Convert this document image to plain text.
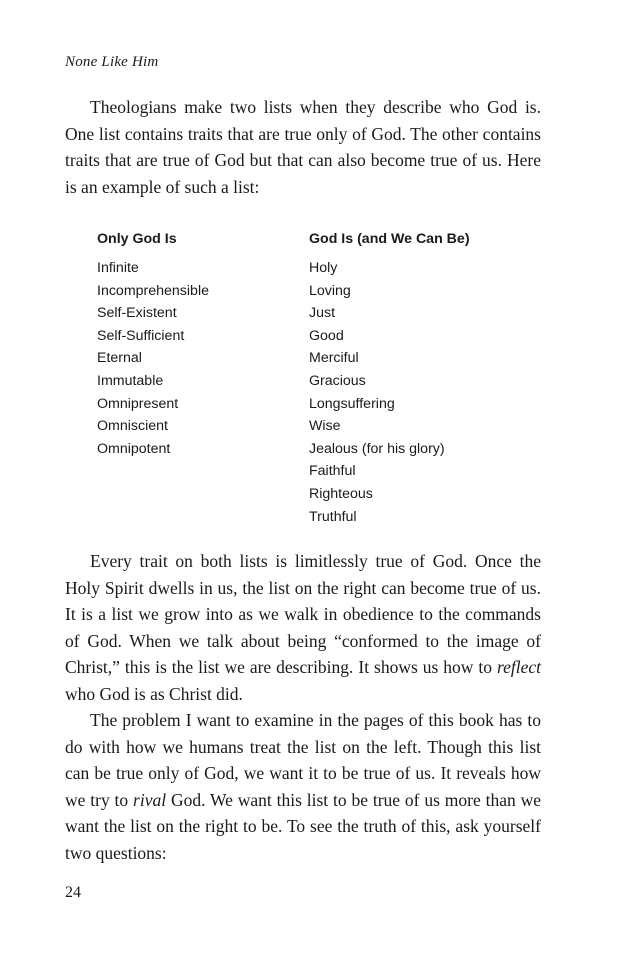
None Like Him

Theologians make two lists when they describe who God is. One list contains traits that are true only of God. The other contains traits that are true of God but that can also become true of us. Here is an example of such a list:

Only God Is
Infinite
Incomprehensible
Self-Existent
Self-Sufficient
Eternal
Immutable
Omnipresent
Omniscient
Omnipotent
God Is (and We Can Be)
Holy
Loving
Just
Good
Merciful
Gracious
Longsuffering
Wise
Jealous (for his glory)
Faithful
Righteous
Truthful

Every trait on both lists is limitlessly true of God. Once the Holy Spirit dwells in us, the list on the right can become true of us. It is a list we grow into as we walk in obedience to the commands of God. When we talk about being “conformed to the image of Christ,” this is the list we are describing. It shows us how to reflect who God is as Christ did.

The problem I want to examine in the pages of this book has to do with how we humans treat the list on the left. Though this list can be true only of God, we want it to be true of us. It reveals how we try to rival God. We want this list to be true of us more than we want the list on the right to be. To see the truth of this, ask yourself two questions:

24
